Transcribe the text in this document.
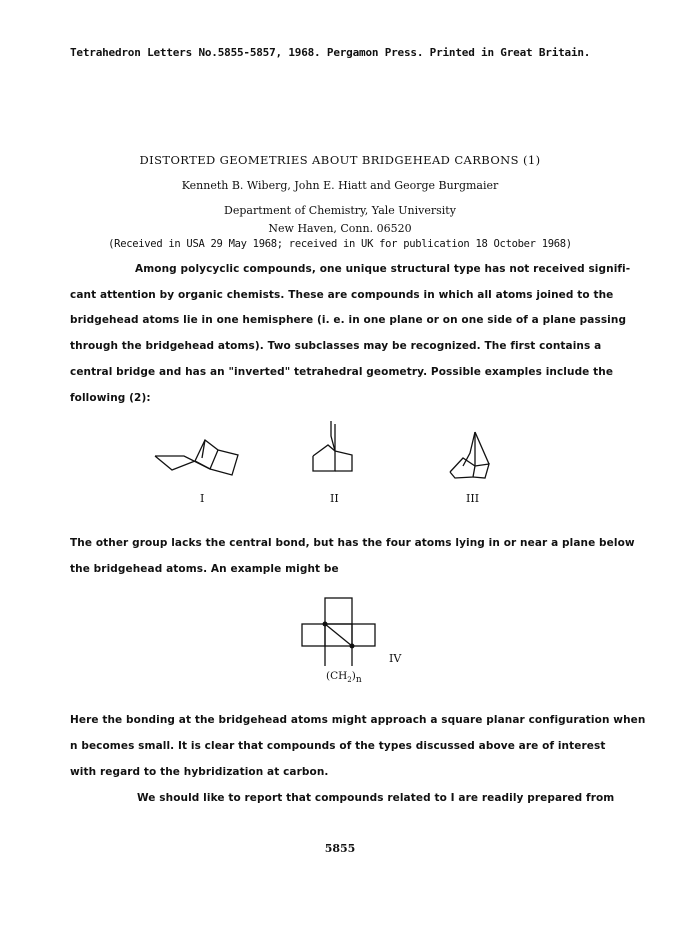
Tetrahedron Letters No.5855-5857, 1968. Pergamon Press. Printed in Great Britain.

DISTORTED GEOMETRIES ABOUT BRIDGEHEAD CARBONS (1)

Kenneth B. Wiberg, John E. Hiatt and George Burgmaier

Department of Chemistry, Yale University

New Haven, Conn. 06520

(Received in USA 29 May 1968; received in UK for publication 18 October 1968)

Among polycyclic compounds, one unique structural type has not received signifi-

cant attention by organic chemists. These are compounds in which all atoms joined to the

bridgehead atoms lie in one hemisphere (i. e. in one plane or on one side of a plane passing

through the bridgehead atoms). Two subclasses may be recognized. The first contains a

central bridge and has an "inverted" tetrahedral geometry. Possible examples include the

following (2):

I	II	III

The other group lacks the central bond, but has the four atoms lying in or near a plane below

the bridgehead atoms. An example might be

$(CH_2)_n$

IV

Here the bonding at the bridgehead atoms might approach a square planar configuration when

n becomes small. It is clear that compounds of the types discussed above are of interest

with regard to the hybridization at carbon.

We should like to report that compounds related to I are readily prepared from

5855
